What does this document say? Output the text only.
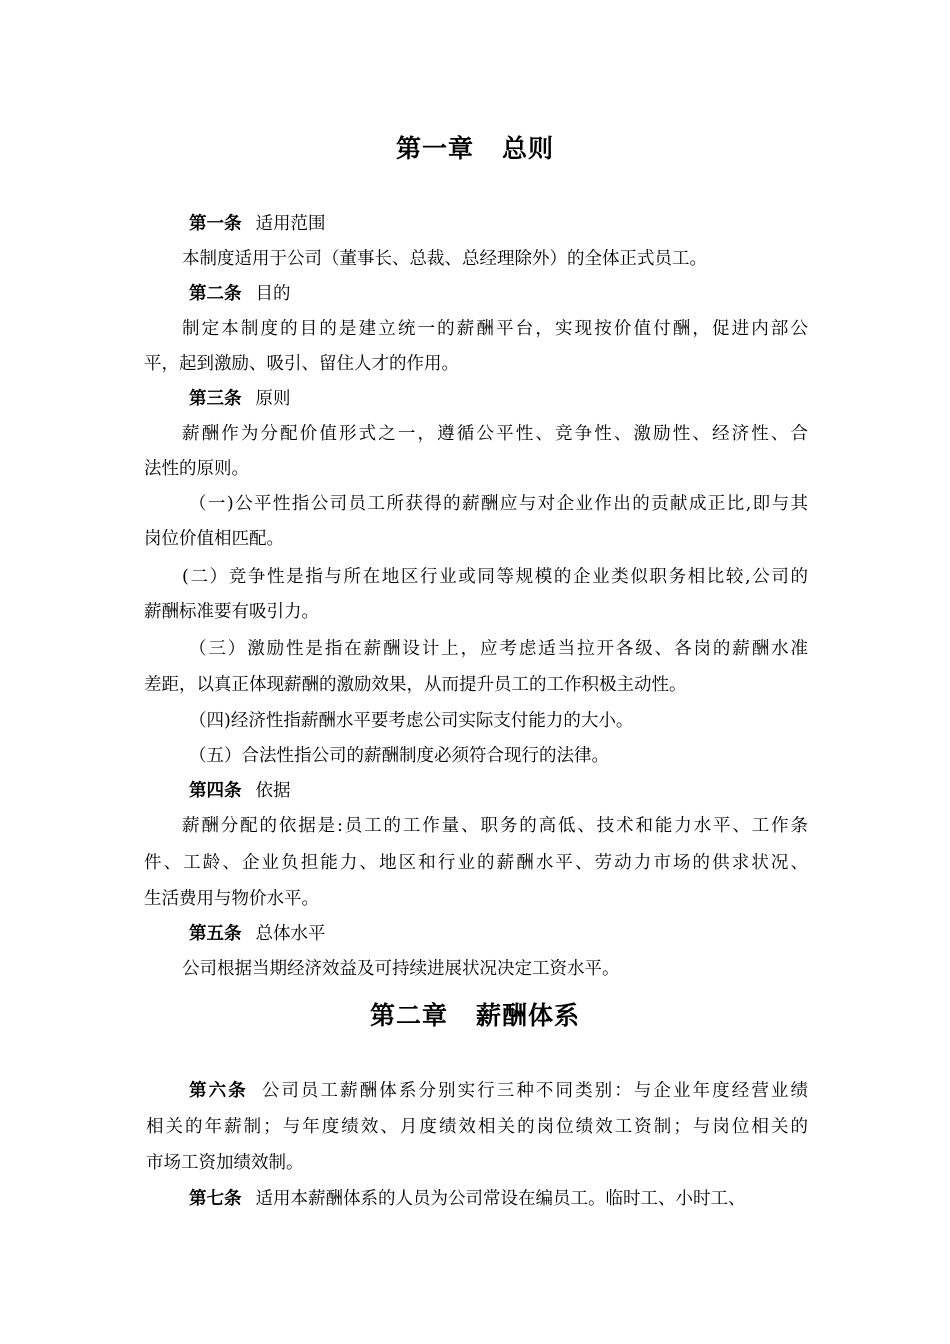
第一章 总则
第一条 适用范围
本制度适用于公司（董事长、总裁、总经理除外）的全体正式员工。
第二条 目的
制定本制度的目的是建立统一的薪酬平台，实现按价值付酬，促进内部公
平，起到激励、吸引、留住人才的作用。
第三条 原则
薪酬作为分配价值形式之一，遵循公平性、竞争性、激励性、经济性、合
法性的原则。
（一)公平性指公司员工所获得的薪酬应与对企业作出的贡献成正比,即与其
岗位价值相匹配。
(二）竞争性是指与所在地区行业或同等规模的企业类似职务相比较,公司的
薪酬标准要有吸引力。
（三）激励性是指在薪酬设计上，应考虑适当拉开各级、各岗的薪酬水准
差距，以真正体现薪酬的激励效果，从而提升员工的工作积极主动性。
（四)经济性指薪酬水平要考虑公司实际支付能力的大小。
（五）合法性指公司的薪酬制度必须符合现行的法律。
第四条 依据
薪酬分配的依据是:员工的工作量、职务的高低、技术和能力水平、工作条
件、工龄、企业负担能力、地区和行业的薪酬水平、劳动力市场的供求状况、
生活费用与物价水平。
第五条 总体水平
公司根据当期经济效益及可持续进展状况决定工资水平。
第二章 薪酬体系
第六条 公司员工薪酬体系分别实行三种不同类别：与企业年度经营业绩
相关的年薪制；与年度绩效、月度绩效相关的岗位绩效工资制；与岗位相关的
市场工资加绩效制。
第七条 适用本薪酬体系的人员为公司常设在编员工。临时工、小时工、
